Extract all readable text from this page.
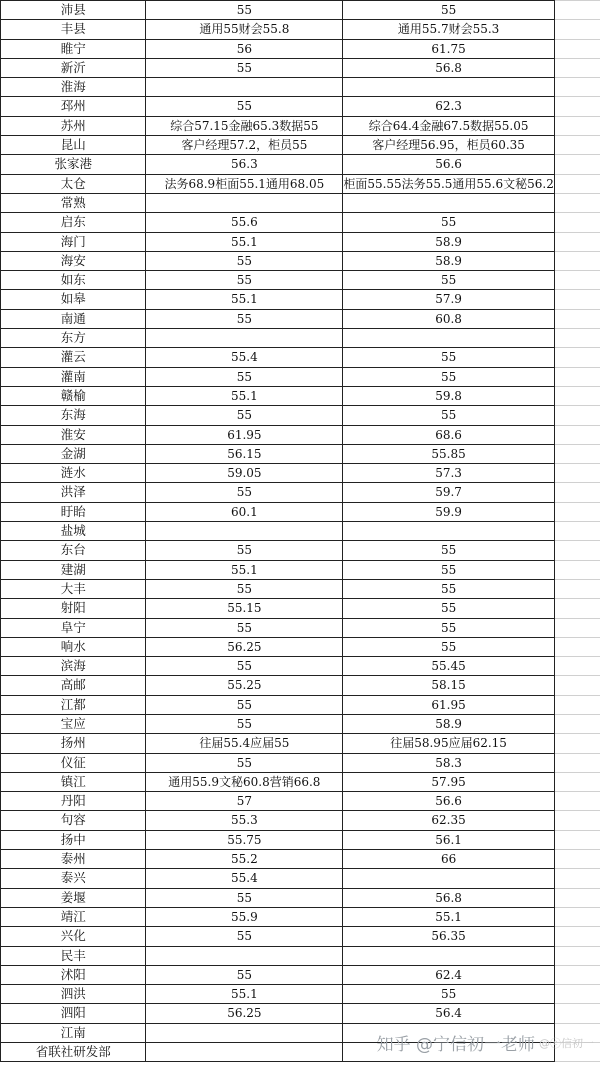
沛县	55	55	
丰县	通用55财会55.8	通用55.7财会55.3	
睢宁	56	61.75	
新沂	55	56.8	
淮海			
邳州	55	62.3	
苏州	综合57.15金融65.3数据55	综合64.4金融67.5数据55.05	
昆山	客户经理57.2，柜员55	客户经理56.95，柜员60.35	
张家港	56.3	56.6	
太仓	法务68.9柜面55.1通用68.05	柜面55.55法务55.5通用55.6文秘56.2	
常熟			
启东	55.6	55	
海门	55.1	58.9	
海安	55	58.9	
如东	55	55	
如皋	55.1	57.9	
南通	55	60.8	
东方			
灌云	55.4	55	
灌南	55	55	
赣榆	55.1	59.8	
东海	55	55	
淮安	61.95	68.6	
金湖	56.15	55.85	
涟水	59.05	57.3	
洪泽	55	59.7	
盱眙	60.1	59.9	
盐城			
东台	55	55	
建湖	55.1	55	
大丰	55	55	
射阳	55.15	55	
阜宁	55	55	
响水	56.25	55	
滨海	55	55.45	
高邮	55.25	58.15	
江都	55	61.95	
宝应	55	58.9	
扬州	往届55.4应届55	往届58.95应届62.15	
仪征	55	58.3	
镇江	通用55.9文秘60.8营销66.8	57.95	
丹阳	57	56.6	
句容	55.3	62.35	
扬中	55.75	56.1	
泰州	55.2	66	
泰兴	55.4		
姜堰	55	56.8	
靖江	55.9	55.1	
兴化	55	56.35	
民丰			
沭阳	55	62.4	
泗洪	55.1	55	
泗阳	56.25	56.4	
江南			
省联社研发部				知乎 @宁信初一老师 @ⓔ信初一
